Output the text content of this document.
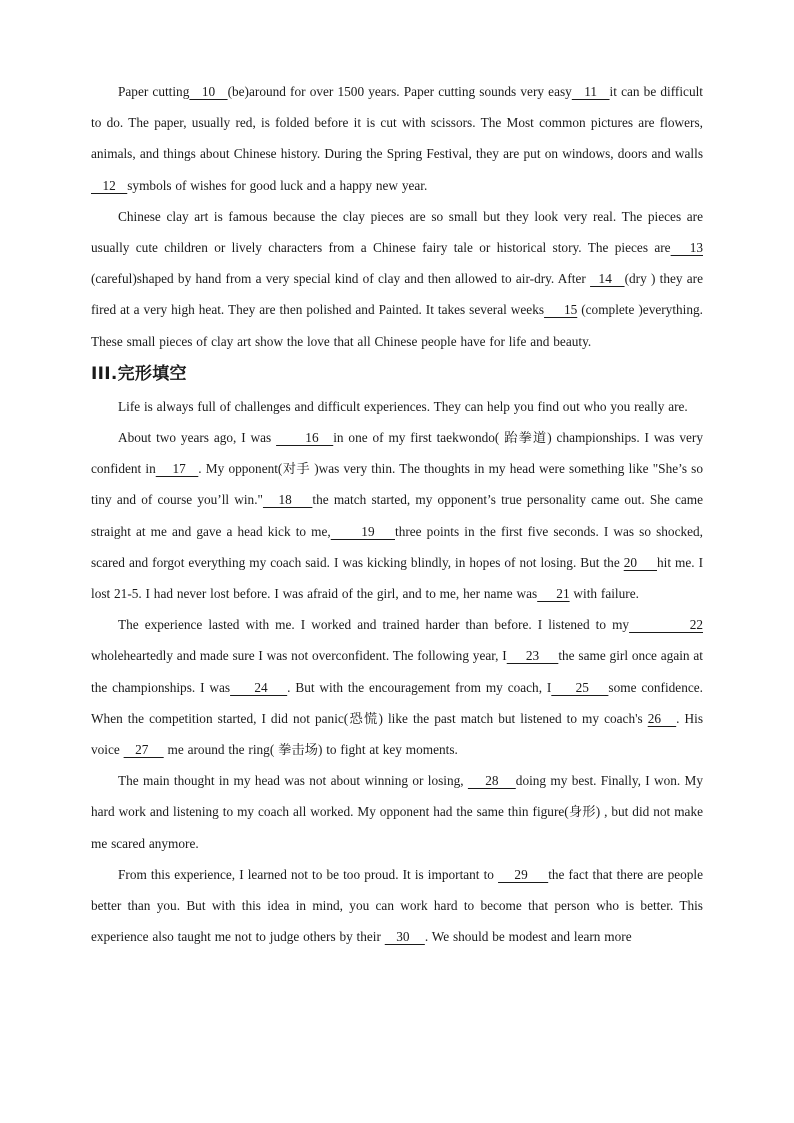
Paper cutting   10   (be)around for over 1500 years. Paper cutting sounds very easy   11   it can be difficult to do. The paper, usually red, is folded before it is cut with scissors. The Most common pictures are flowers, animals, and things about Chinese history. During the Spring Festival, they are put on windows, doors and walls   12   symbols of wishes for good luck and a happy new year.

Chinese clay art is famous because the clay pieces are so small but they look very real. The pieces are usually cute children or lively characters from a Chinese fairy tale or historical story. The pieces are   13 (careful)shaped by hand from a very special kind of clay and then allowed to air-dry. After   14   (dry ) they are fired at a very high heat. They are then polished and Painted. It takes several weeks     15 (complete )everything. These small pieces of clay art show the love that all Chinese people have for life and beauty.

III.完形填空

Life is always full of challenges and difficult experiences. They can help you find out who you really are.

About two years ago, I was       16   in one of my first taekwondo( 跆拳道) championships. I was very confident in    17   . My opponent(对手 )was very thin. The thoughts in my head were something like "She’s so tiny and of course you’ll win."   18    the match started, my opponent’s true personality came out. She came straight at me and gave a head kick to me,      19    three points in the first five seconds. I was so shocked, scared and forgot everything my coach said. I was kicking blindly, in hopes of not losing. But the 20     hit me. I lost 21-5. I had never lost before. I was afraid of the girl, and to me, her name was     21 with failure.

The experience lasted with me. I worked and trained harder than before. I listened to my          22 wholeheartedly and made sure I was not overconfident. The following year, I     23     the same girl once again at the championships. I was     24    . But with the encouragement from my coach, I     25    some confidence. When the competition started, I did not panic(恐慌) like the past match but listened to my coach's 26   . His voice    27     me around the ring( 拳击场) to fight at key moments.

The main thought in my head was not about winning or losing,     28    doing my best. Finally, I won. My hard work and listening to my coach all worked. My opponent had the same thin figure(身形) , but did not make me scared anymore.

From this experience, I learned not to be too proud. It is important to     29     the fact that there are people better than you. But with this idea in mind, you can work hard to become that person who is better. This experience also taught me not to judge others by their    30    . We should be modest and learn more
